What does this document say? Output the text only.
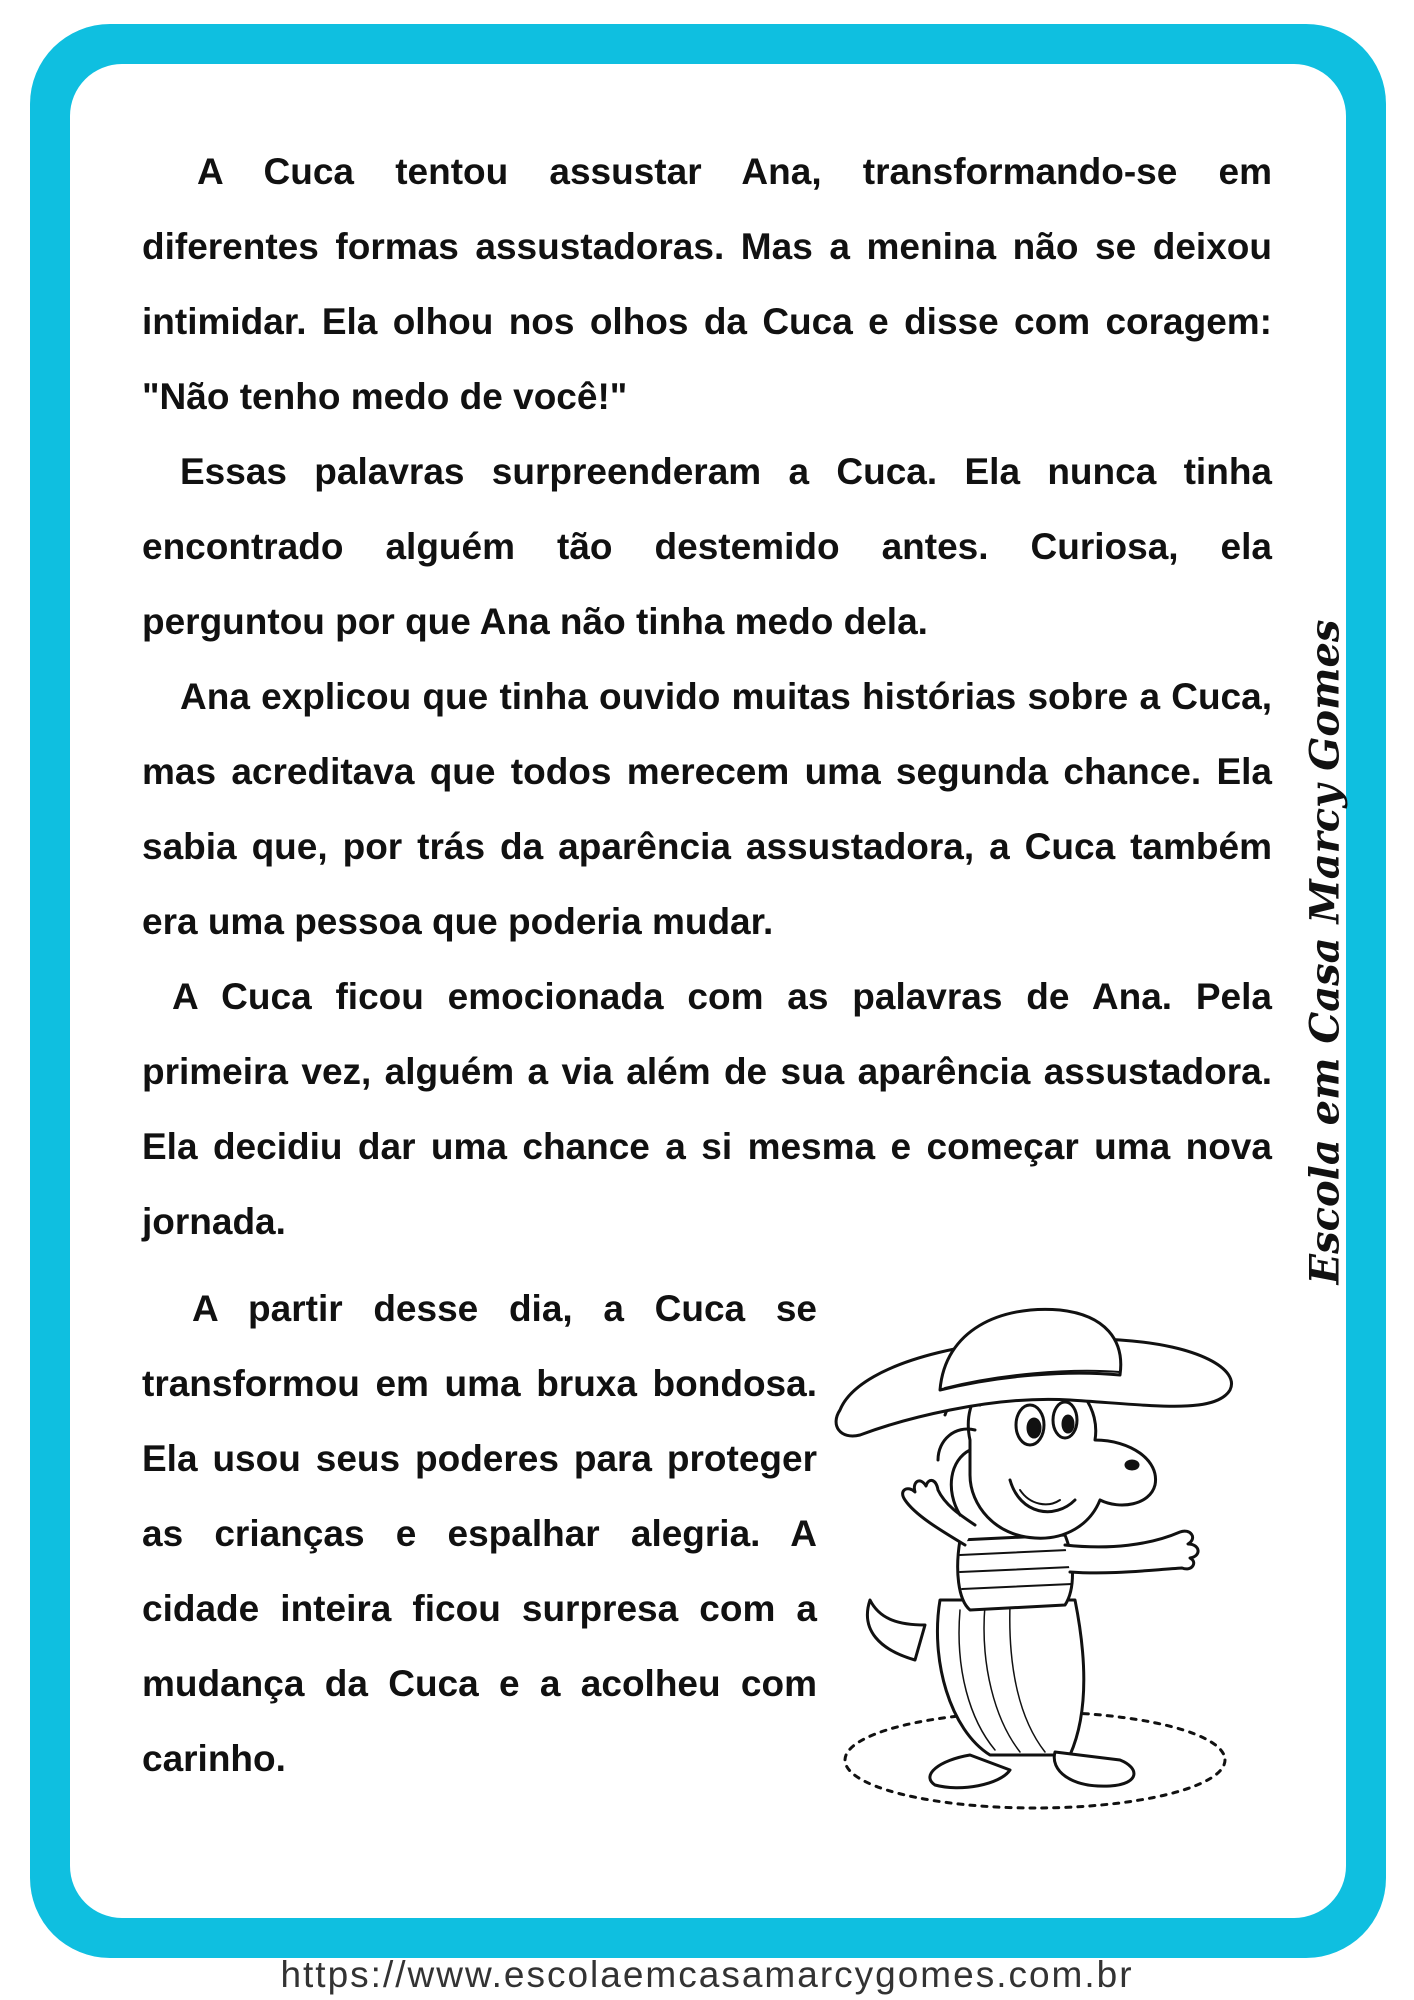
A Cuca tentou assustar Ana, transformando-se em diferentes formas assustadoras. Mas a menina não se deixou intimidar. Ela olhou nos olhos da Cuca e disse com coragem: "Não tenho medo de você!"

Essas palavras surpreenderam a Cuca. Ela nunca tinha encontrado alguém tão destemido antes. Curiosa, ela perguntou por que Ana não tinha medo dela.

Ana explicou que tinha ouvido muitas histórias sobre a Cuca, mas acreditava que todos merecem uma segunda chance. Ela sabia que, por trás da aparência assustadora, a Cuca também era uma pessoa que poderia mudar.

A Cuca ficou emocionada com as palavras de Ana. Pela primeira vez, alguém a via além de sua aparência assustadora. Ela decidiu dar uma chance a si mesma e começar uma nova jornada.

A partir desse dia, a Cuca se transformou em uma bruxa bondosa. Ela usou seus poderes para proteger as crianças e espalhar alegria. A cidade inteira ficou surpresa com a mudança da Cuca e a acolheu com carinho.

Escola em Casa Marcy Gomes
https://www.escolaemcasamarcygomes.com.br
